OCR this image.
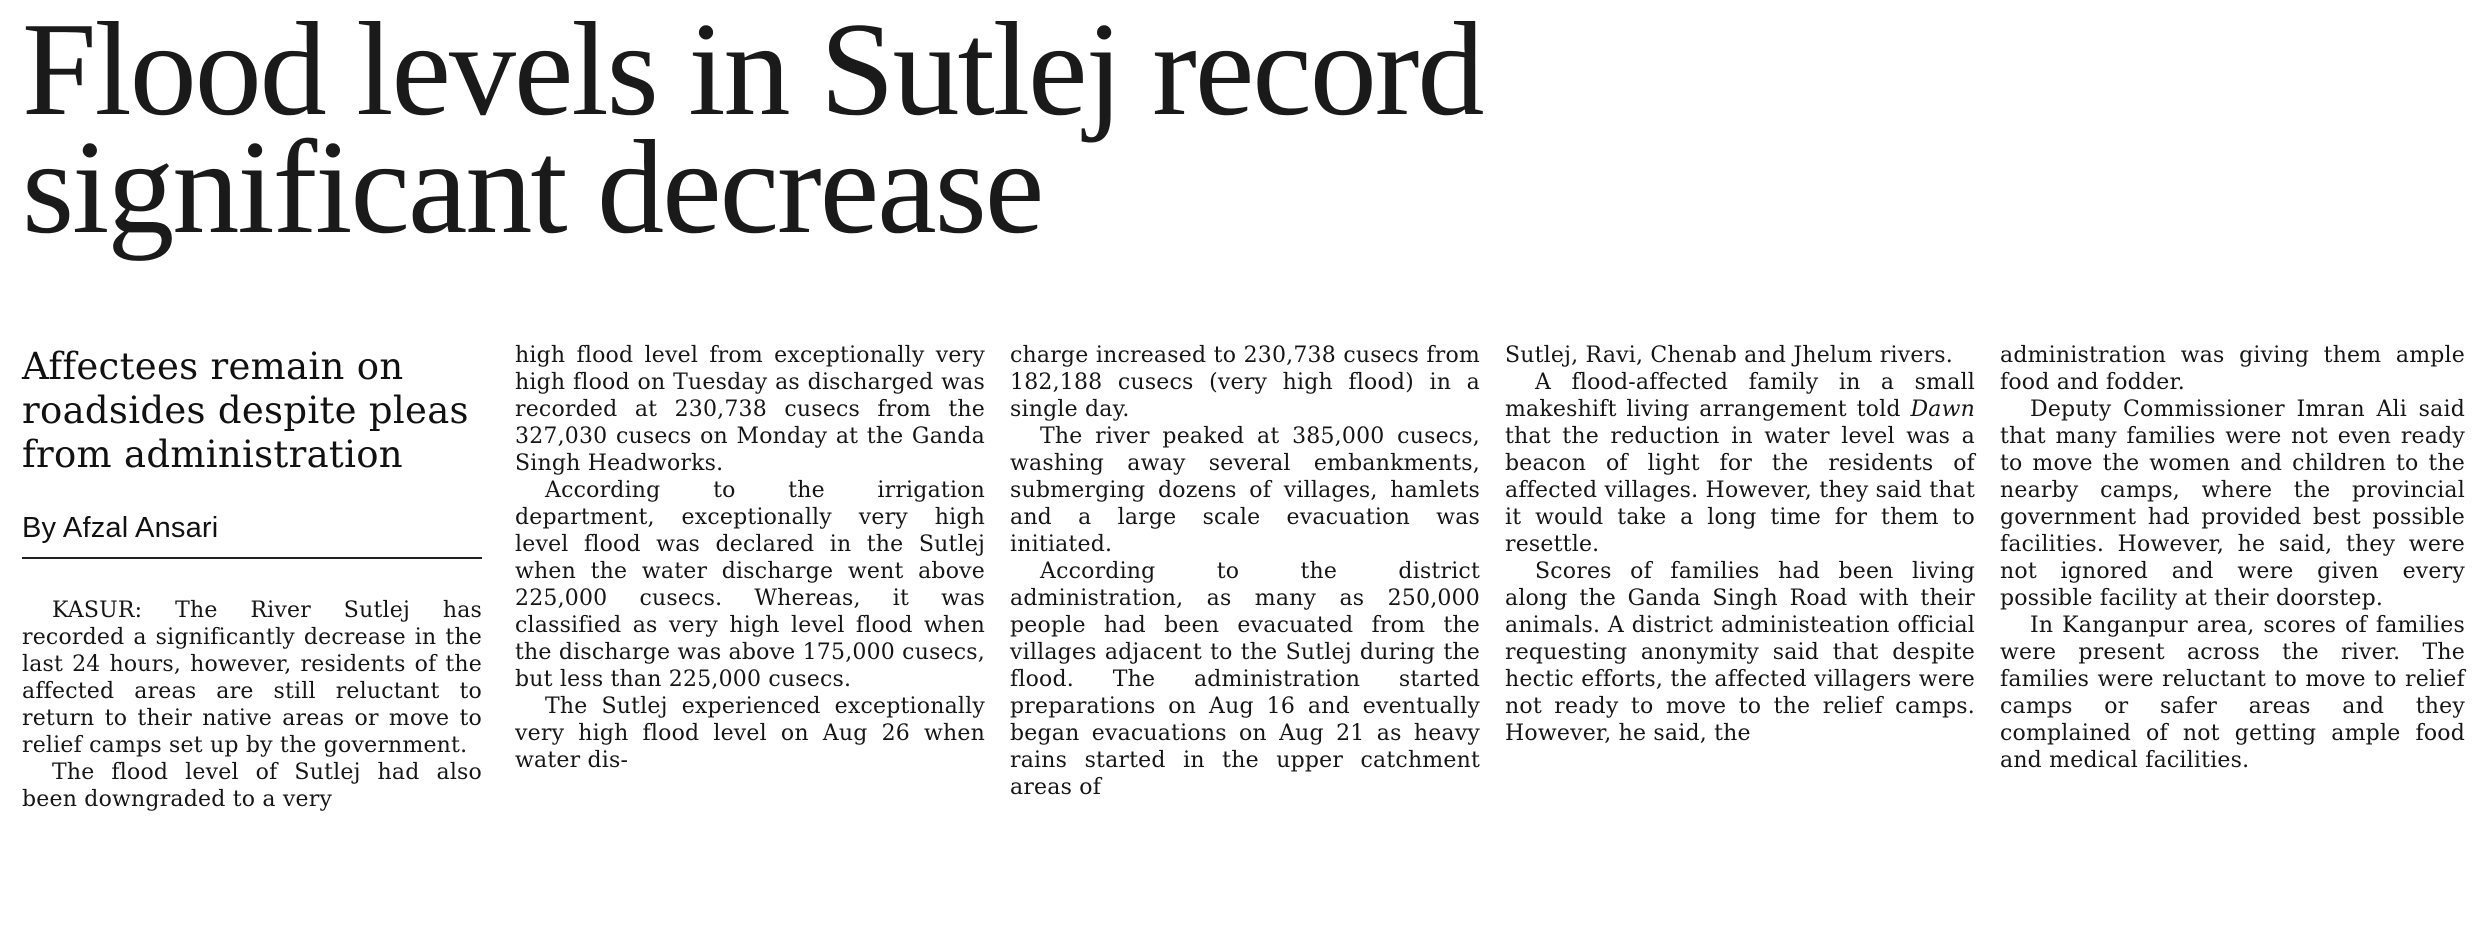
Flood levels in Sutlej record
significant decrease
Affectees remain on
roadsides despite pleas
from administration
By Afzal Ansari

KASUR: The River Sutlej has recorded a significantly decrease in the last 24 hours, however, residents of the affected areas are still reluctant to return to their native areas or move to relief camps set up by the government.

The flood level of Sutlej had also been downgraded to a very

high flood level from exceptionally very high flood on Tuesday as discharged was recorded at 230,738 cusecs from the 327,030 cusecs on Monday at the Ganda Singh Headworks.

According to the irrigation department, exceptionally very high level flood was declared in the Sutlej when the water discharge went above 225,000 cusecs. Whereas, it was classified as very high level flood when the discharge was above 175,000 cusecs, but less than 225,000 cusecs.

The Sutlej experienced exceptionally very high flood level on Aug 26 when water dis-

charge increased to 230,738 cusecs from 182,188 cusecs (very high flood) in a single day.

The river peaked at 385,000 cusecs, washing away several embankments, submerging dozens of villages, hamlets and a large scale evacuation was initiated.

According to the district administration, as many as 250,000 people had been evacuated from the villages adjacent to the Sutlej during the flood. The administration started preparations on Aug 16 and eventually began evacuations on Aug 21 as heavy rains started in the upper catchment areas of

Sutlej, Ravi, Chenab and Jhelum rivers.

A flood-affected family in a small makeshift living arrangement told Dawn that the reduction in water level was a beacon of light for the residents of affected villages. However, they said that it would take a long time for them to resettle.

Scores of families had been living along the Ganda Singh Road with their animals. A district administeation official requesting anonymity said that despite hectic efforts, the affected villagers were not ready to move to the relief camps. However, he said, the

administration was giving them ample food and fodder.

Deputy Commissioner Imran Ali said that many families were not even ready to move the women and children to the nearby camps, where the provincial government had provided best possible facilities. However, he said, they were not ignored and were given every possible facility at their doorstep.

In Kanganpur area, scores of families were present across the river. The families were reluctant to move to relief camps or safer areas and they complained of not getting ample food and medical facilities.
